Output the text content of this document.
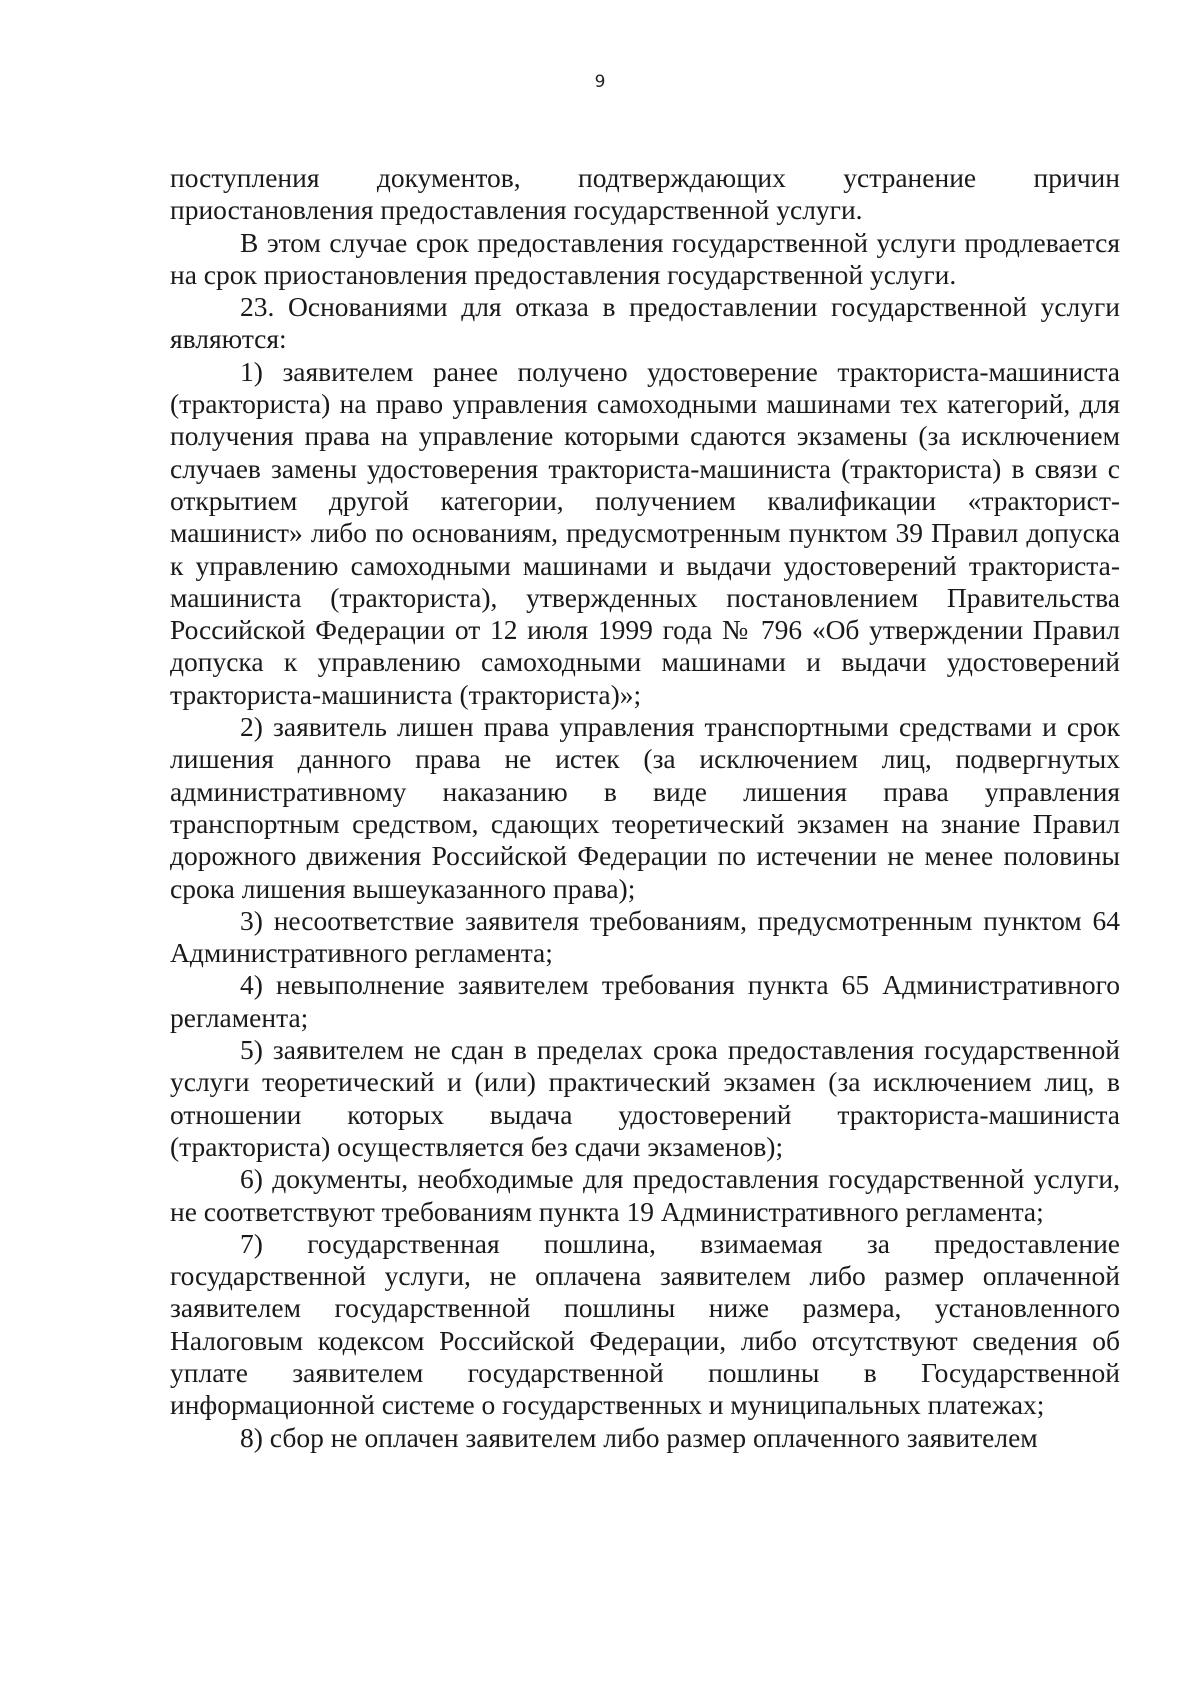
9

поступления документов, подтверждающих устранение причин приостановления предоставления государственной услуги.

В этом случае срок предоставления государственной услуги продлевается на срок приостановления предоставления государственной услуги.

23. Основаниями для отказа в предоставлении государственной услуги являются:

1) заявителем ранее получено удостоверение тракториста-машиниста (тракториста) на право управления самоходными машинами тех категорий, для получения права на управление которыми сдаются экзамены (за исключением случаев замены удостоверения тракториста-машиниста (тракториста) в связи с открытием другой категории, получением квалификации «тракторист-машинист» либо по основаниям, предусмотренным пунктом 39 Правил допуска к управлению самоходными машинами и выдачи удостоверений тракториста-машиниста (тракториста), утвержденных постановлением Правительства Российской Федерации от 12 июля 1999 года № 796 «Об утверждении Правил допуска к управлению самоходными машинами и выдачи удостоверений тракториста-машиниста (тракториста)»;

2) заявитель лишен права управления транспортными средствами и срок лишения данного права не истек (за исключением лиц, подвергнутых административному наказанию в виде лишения права управления транспортным средством, сдающих теоретический экзамен на знание Правил дорожного движения Российской Федерации по истечении не менее половины срока лишения вышеуказанного права);

3) несоответствие заявителя требованиям, предусмотренным пунктом 64 Административного регламента;

4) невыполнение заявителем требования пункта 65 Административного регламента;

5) заявителем не сдан в пределах срока предоставления государственной услуги теоретический и (или) практический экзамен (за исключением лиц, в отношении которых выдача удостоверений тракториста-машиниста (тракториста) осуществляется без сдачи экзаменов);

6) документы, необходимые для предоставления государственной услуги, не соответствуют требованиям пункта 19 Административного регламента;

7) государственная пошлина, взимаемая за предоставление государственной услуги, не оплачена заявителем либо размер оплаченной заявителем государственной пошлины ниже размера, установленного Налоговым кодексом Российской Федерации, либо отсутствуют сведения об уплате заявителем государственной пошлины в Государственной информационной системе о государственных и муниципальных платежах;

8) сбор не оплачен заявителем либо размер оплаченного заявителем
